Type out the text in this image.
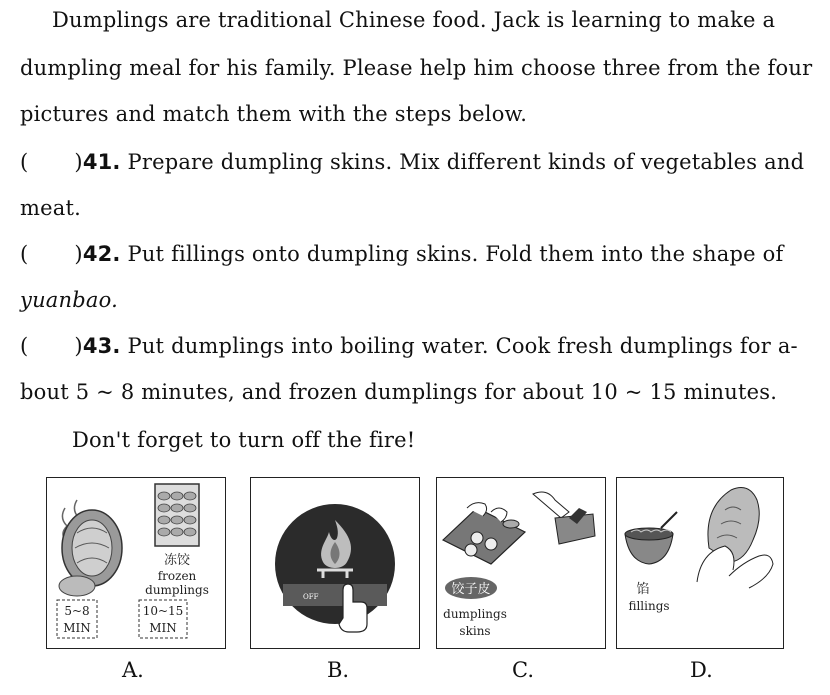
Dumplings are traditional Chinese food. Jack is learning to make a
dumpling meal for his family. Please help him choose three from the four
pictures and match them with the steps below.
( )41. Prepare dumpling skins. Mix different kinds of vegetables and
meat.
( )42. Put fillings onto dumpling skins. Fold them into the shape of
yuanbao.
( )43. Put dumplings into boiling water. Cook fresh dumplings for a-
bout 5 ~ 8 minutes, and frozen dumplings for about 10 ~ 15 minutes.
Don't forget to turn off the fire!
冻饺
frozen
dumplings
5~8
MIN
10~15
MIN
A.
OFF
B.
饺子皮
dumplings
skins
C.
馅
fillings
D.
